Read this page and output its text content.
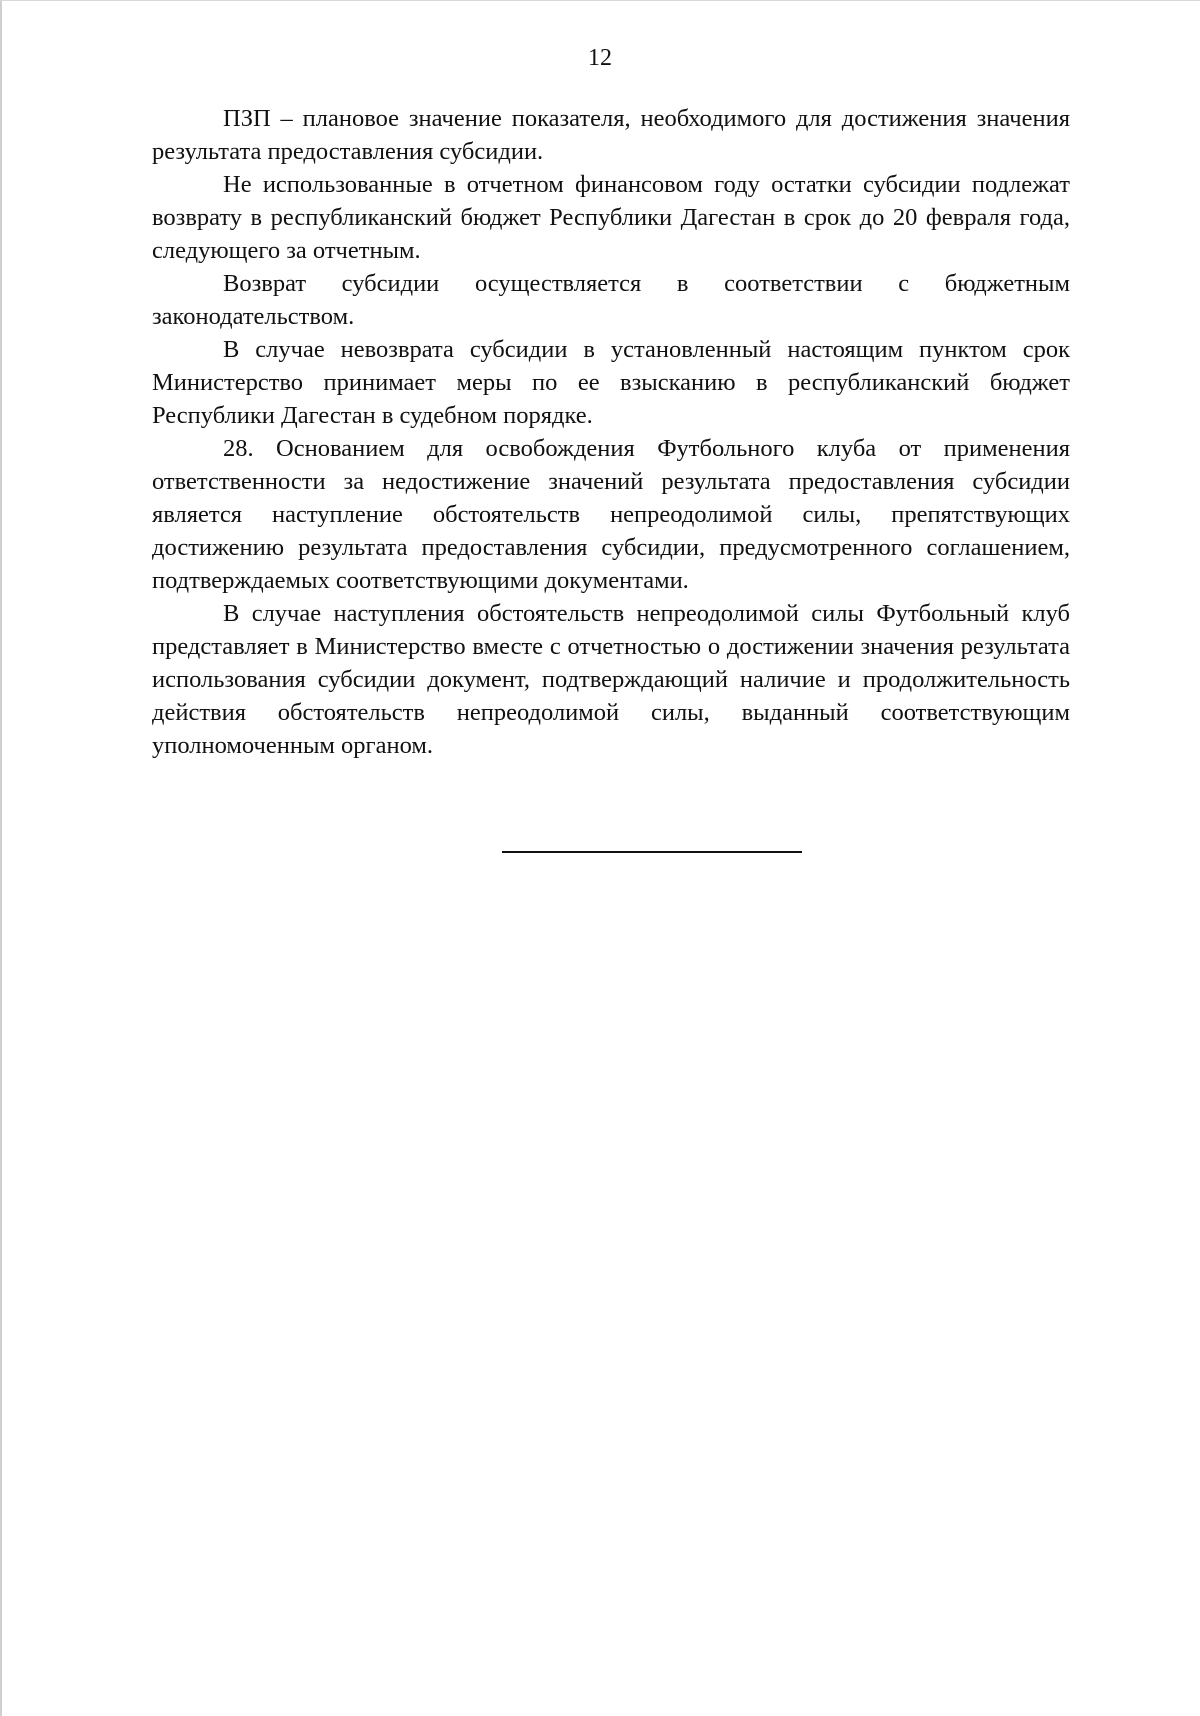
12

ПЗП – плановое значение показателя, необходимого для достижения значения результата предоставления субсидии.

Не использованные в отчетном финансовом году остатки субсидии подлежат возврату в республиканский бюджет Республики Дагестан в срок до 20 февраля года, следующего за отчетным.

Возврат субсидии осуществляется в соответствии с бюджетным законодательством.

В случае невозврата субсидии в установленный настоящим пунктом срок Министерство принимает меры по ее взысканию в республиканский бюджет Республики Дагестан в судебном порядке.

28. Основанием для освобождения Футбольного клуба от применения ответственности за недостижение значений результата предоставления субсидии является наступление обстоятельств непреодолимой силы, препятствующих достижению результата предоставления субсидии, предусмотренного соглашением, подтверждаемых соответствующими документами.

В случае наступления обстоятельств непреодолимой силы Футбольный клуб представляет в Министерство вместе с отчетностью о достижении значения результата использования субсидии документ, подтверждающий наличие и продолжительность действия обстоятельств непреодолимой силы, выданный соответствующим уполномоченным органом.
